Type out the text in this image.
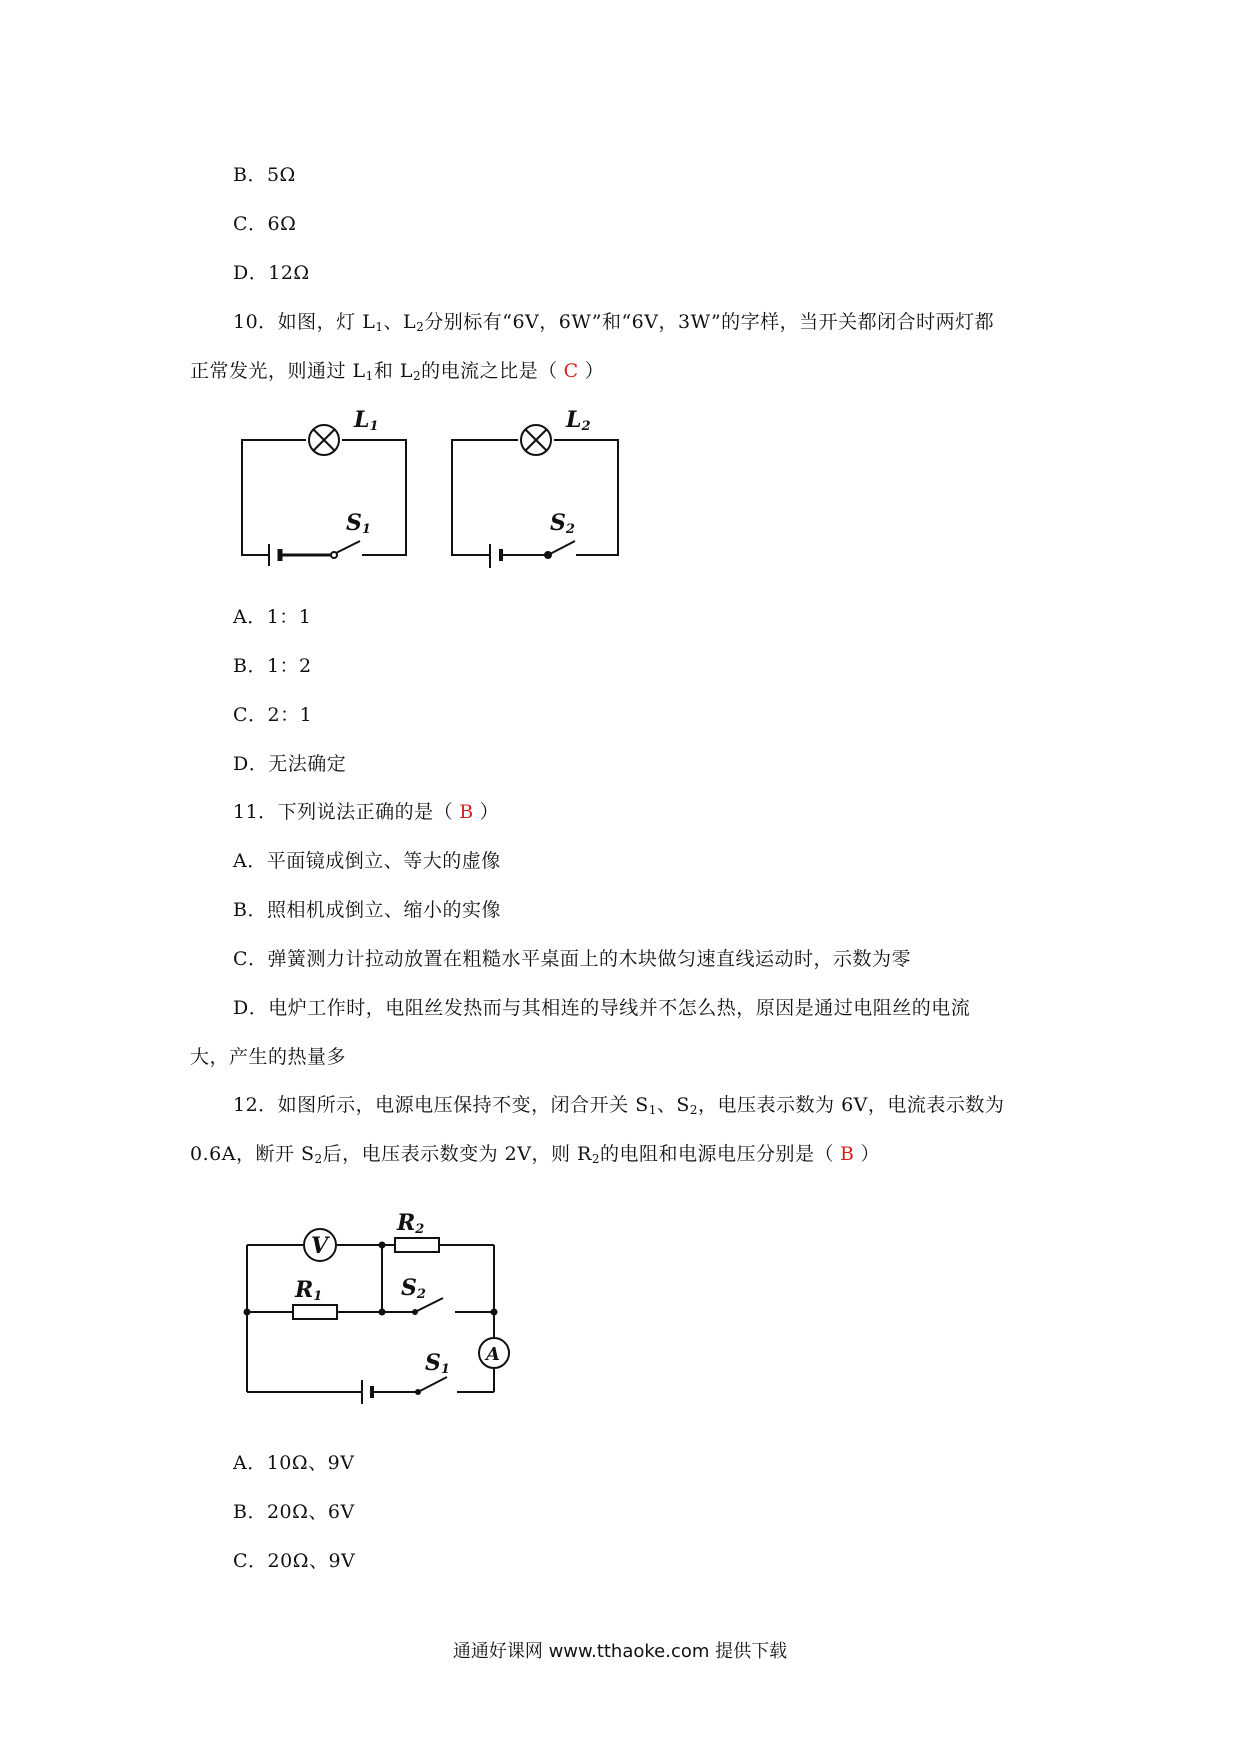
B．5Ω
C．6Ω
D．12Ω
10．如图，灯 $L_1$、$L_2$分别标有“6V，6W”和“6V，3W”的字样，当开关都闭合时两灯都
正常发光，则通过 $L_1$和 $L_2$的电流之比是（ C ）
L1
S1
L2
S2
A．1：1
B．1：2
C．2：1
D．无法确定
11．下列说法正确的是（ B ）
A．平面镜成倒立、等大的虚像
B．照相机成倒立、缩小的实像
C．弹簧测力计拉动放置在粗糙水平桌面上的木块做匀速直线运动时，示数为零
D．电炉工作时，电阻丝发热而与其相连的导线并不怎么热，原因是通过电阻丝的电流
大，产生的热量多
12．如图所示，电源电压保持不变，闭合开关 $S_1$、$S_2$，电压表示数为 6V，电流表示数为
0.6A，断开 $S_2$后，电压表示数变为 2V，则 $R_2$的电阻和电源电压分别是（ B ）
V
A
R2
R1	S2
S1
A．10Ω、9V
B．20Ω、6V
C．20Ω、9V
通通好课网 www.tthaoke.com 提供下载
